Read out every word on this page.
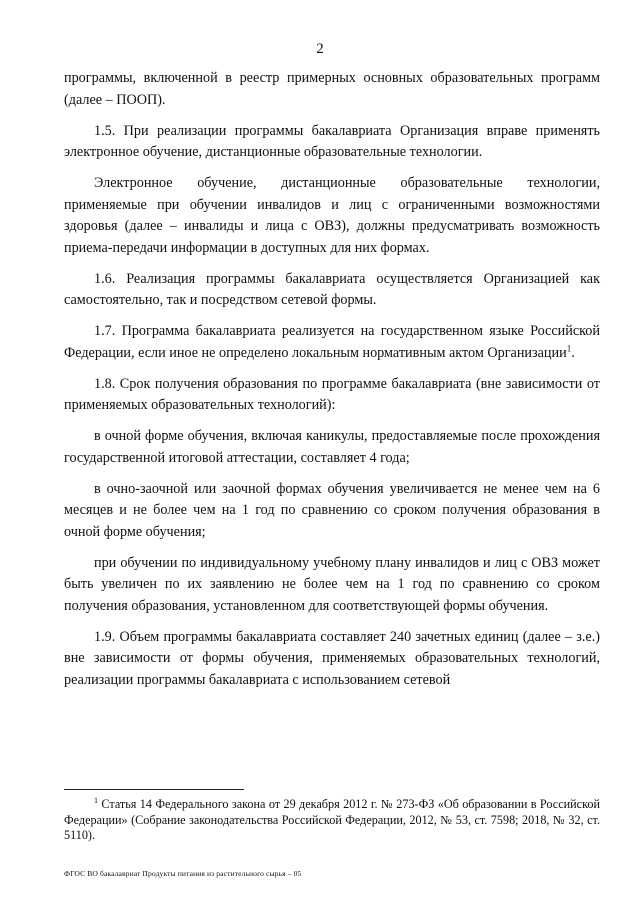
2

программы, включенной в реестр примерных основных образовательных программ (далее – ПООП).

1.5. При реализации программы бакалавриата Организация вправе применять электронное обучение, дистанционные образовательные технологии.

Электронное обучение, дистанционные образовательные технологии, применяемые при обучении инвалидов и лиц с ограниченными возможностями здоровья (далее – инвалиды и лица с ОВЗ), должны предусматривать возможность приема-передачи информации в доступных для них формах.

1.6. Реализация программы бакалавриата осуществляется Организацией как самостоятельно, так и посредством сетевой формы.

1.7. Программа бакалавриата реализуется на государственном языке Российской Федерации, если иное не определено локальным нормативным актом Организации$^1$.

1.8. Срок получения образования по программе бакалавриата (вне зависимости от применяемых образовательных технологий):

в очной форме обучения, включая каникулы, предоставляемые после прохождения государственной итоговой аттестации, составляет 4 года;

в очно-заочной или заочной формах обучения увеличивается не менее чем на 6 месяцев и не более чем на 1 год по сравнению со сроком получения образования в очной форме обучения;

при обучении по индивидуальному учебному плану инвалидов и лиц с ОВЗ может быть увеличен по их заявлению не более чем на 1 год по сравнению со сроком получения образования, установленном для соответствующей формы обучения.

1.9. Объем программы бакалавриата составляет 240 зачетных единиц (далее – з.е.) вне зависимости от формы обучения, применяемых образовательных технологий, реализации программы бакалавриата с использованием сетевой

$^1$ Статья 14 Федерального закона от 29 декабря 2012 г. № 273-ФЗ «Об образовании в Российской Федерации» (Собрание законодательства Российской Федерации, 2012, № 53, ст. 7598; 2018, № 32, ст. 5110).
ФГОС ВО бакалавриат Продукты питания из растительного сырья – 05
